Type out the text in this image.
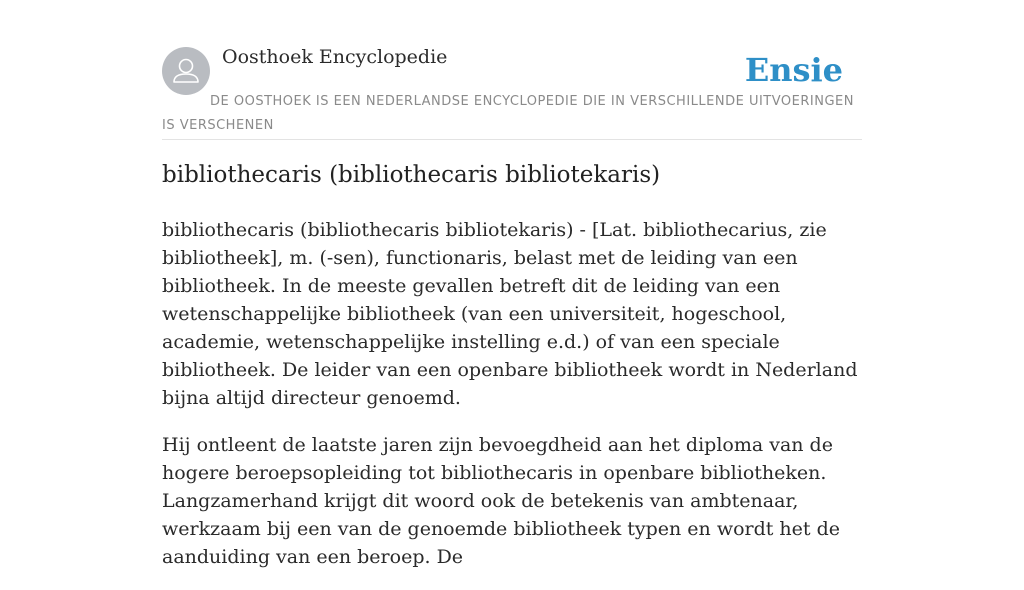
Oosthoek Encyclopedie	Ensie
DE OOSTHOEK IS EEN NEDERLANDSE ENCYCLOPEDIE DIE IN VERSCHILLENDE UITVOERINGEN IS VERSCHENEN
bibliothecaris (bibliothecaris bibliotekaris)

bibliothecaris (bibliothecaris bibliotekaris) - [Lat. bibliothecarius, zie bibliotheek], m. (-sen), functionaris, belast met de leiding van een bibliotheek. In de meeste gevallen betreft dit de leiding van een wetenschappelijke bibliotheek (van een universiteit, hogeschool, academie, wetenschappelijke instelling e.d.) of van een speciale bibliotheek. De leider van een openbare bibliotheek wordt in Nederland bijna altijd directeur genoemd.

Hij ontleent de laatste jaren zijn bevoegdheid aan het diploma van de hogere beroepsopleiding tot bibliothecaris in openbare bibliotheken. Langzamerhand krijgt dit woord ook de betekenis van ambtenaar, werkzaam bij een van de genoemde bibliotheek typen en wordt het de aanduiding van een beroep. De
